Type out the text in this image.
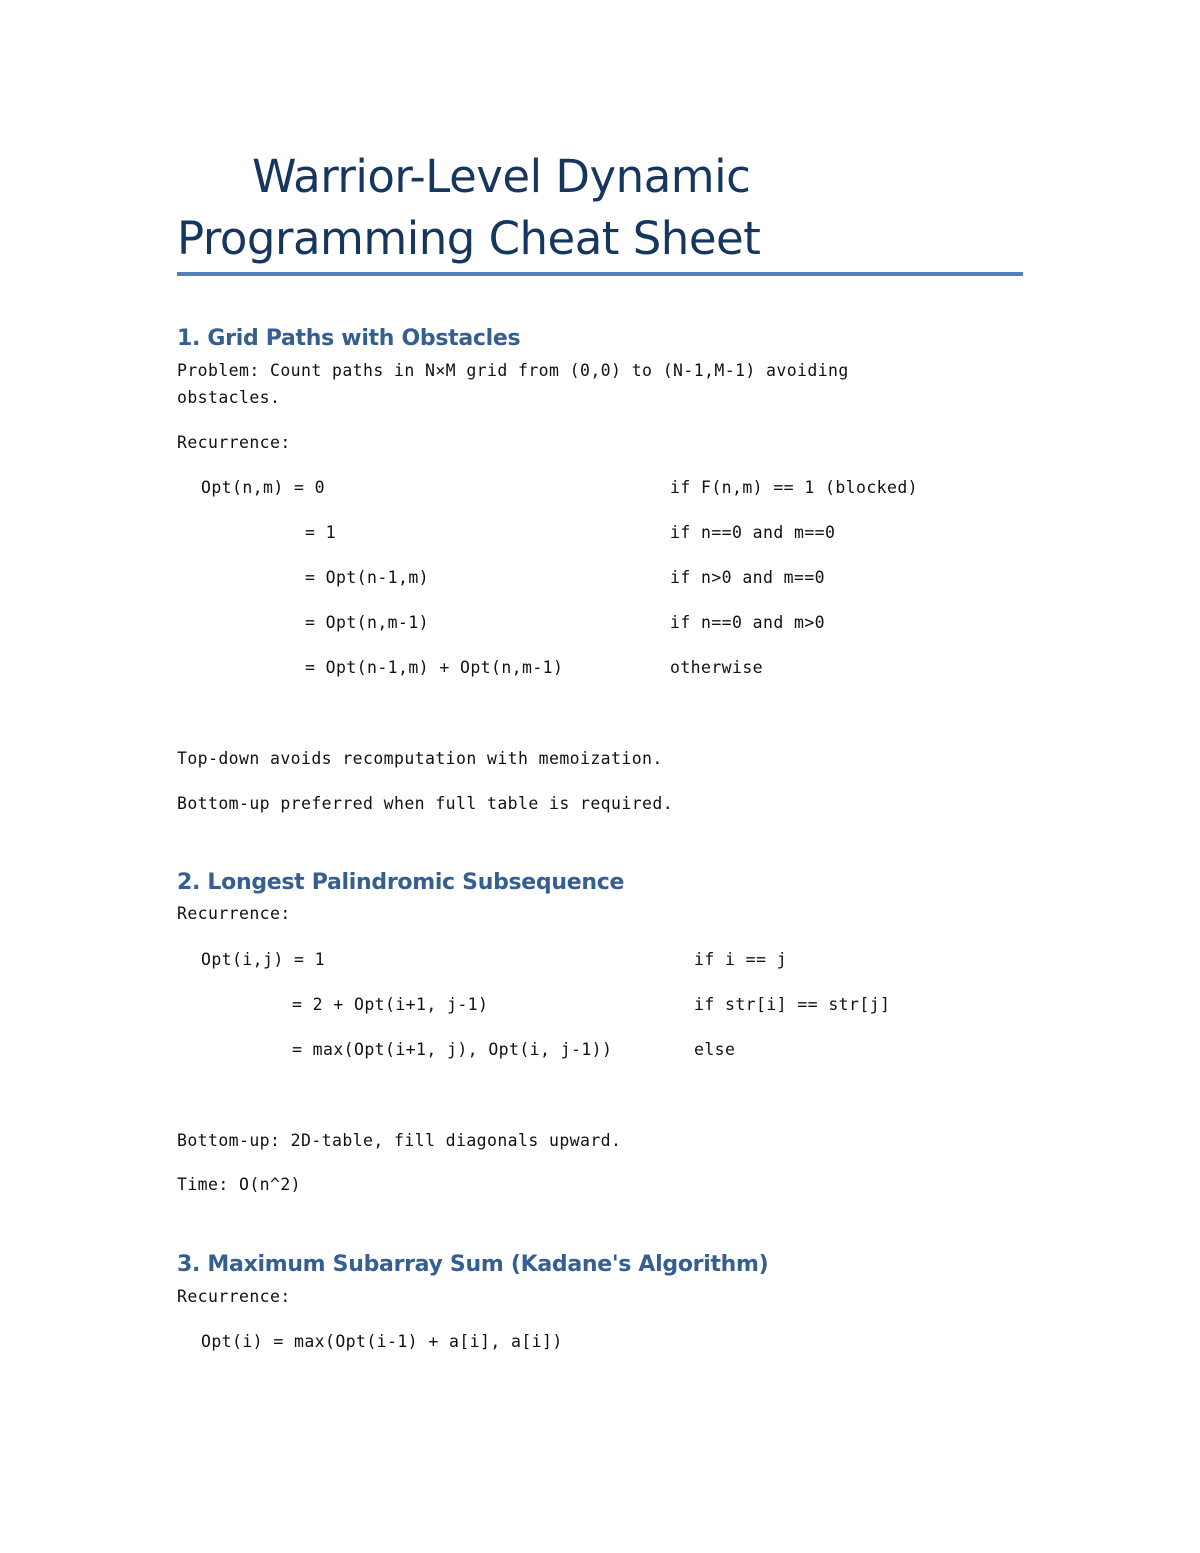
Warrior-Level Dynamic
Programming Cheat Sheet
1. Grid Paths with Obstacles
Problem: Count paths in N×M grid from (0,0) to (N-1,M-1) avoiding
obstacles.
Recurrence:
Opt(n,m) = 0	if F(n,m) == 1 (blocked)
= 1	if n==0 and m==0
= Opt(n-1,m)	if n>0 and m==0
= Opt(n,m-1)	if n==0 and m>0
= Opt(n-1,m) + Opt(n,m-1)	otherwise
Top-down avoids recomputation with memoization.
Bottom-up preferred when full table is required.
2. Longest Palindromic Subsequence
Recurrence:
Opt(i,j) = 1	if i == j
= 2 + Opt(i+1, j-1)	if str[i] == str[j]
= max(Opt(i+1, j), Opt(i, j-1))	else
Bottom-up: 2D-table, fill diagonals upward.
Time: O(n^2)
3. Maximum Subarray Sum (Kadane's Algorithm)
Recurrence:
Opt(i) = max(Opt(i-1) + a[i], a[i])
